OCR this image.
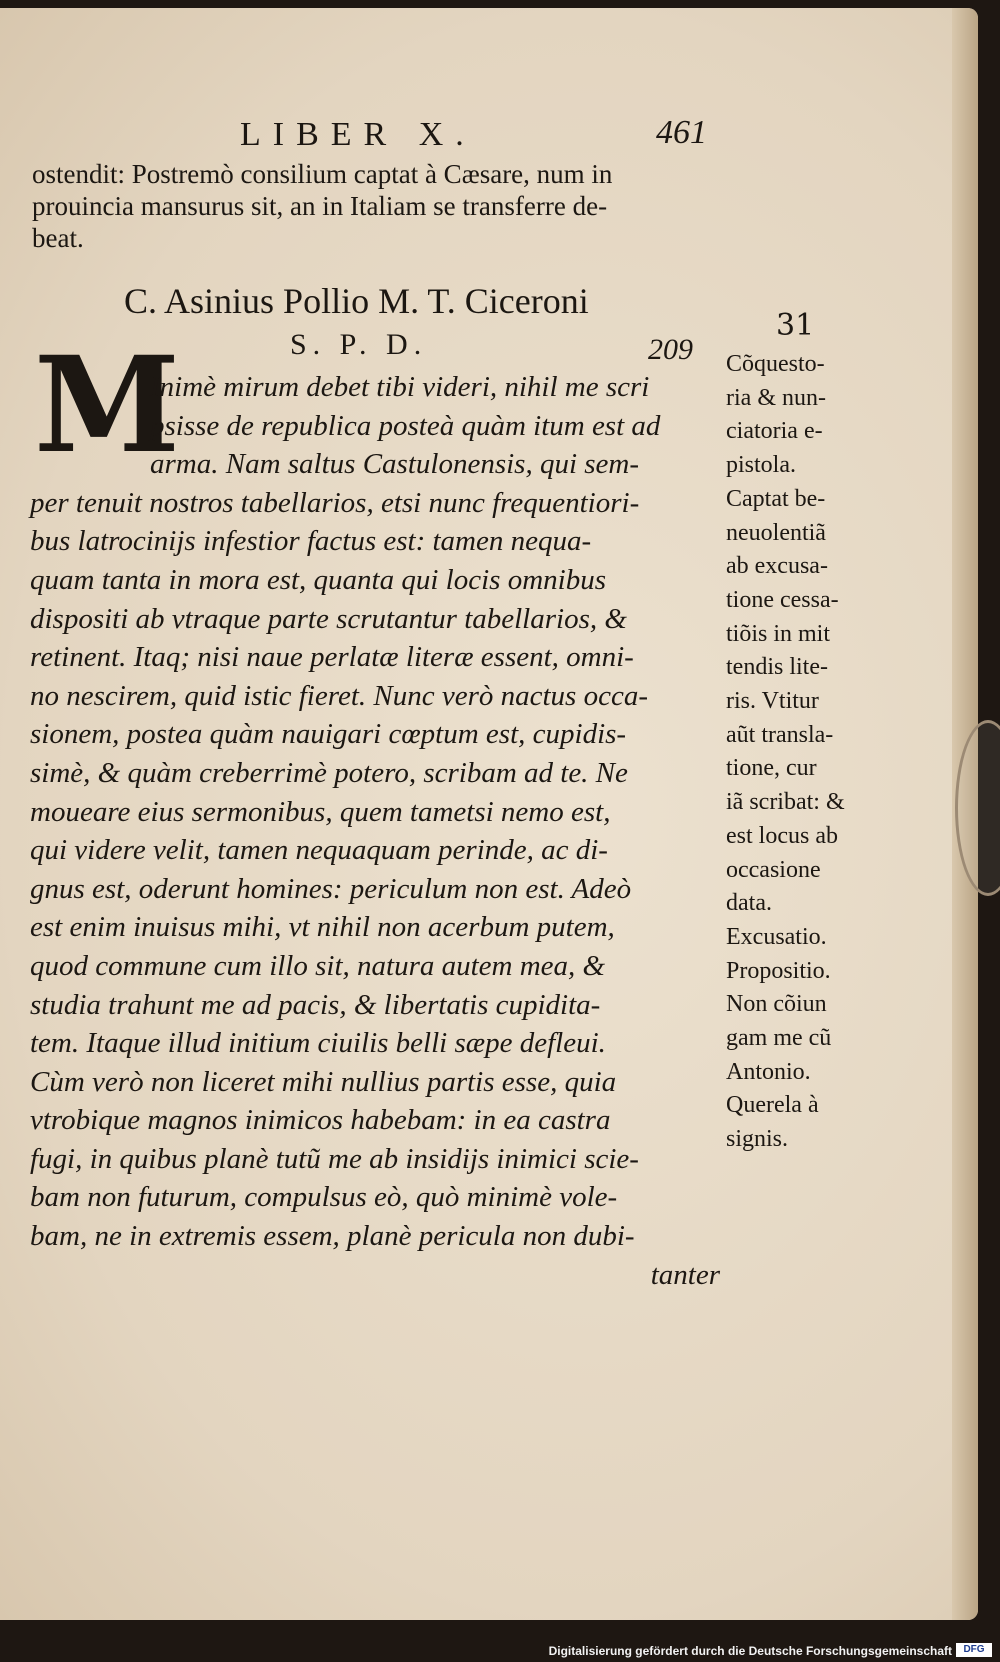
LIBER X.	461
ostendit: Postremò consilium captat à Cæsare, num in
prouincia mansurus sit, an in Italiam se transferre de-
beat.
C. Asinius Pollio M. T. Ciceroni
S. P. D.	209
31
M
Inimè mirum debet tibi videri, nihil me scri
psisse de republica posteà quàm itum est ad
arma. Nam saltus Castulonensis, qui sem-
per tenuit nostros tabellarios, etsi nunc frequentiori-
bus latrocinijs infestior factus est: tamen nequa-
quam tanta in mora est, quanta qui locis omnibus
dispositi ab vtraque parte scrutantur tabellarios, &
retinent. Itaq; nisi naue perlatæ literæ essent, omni-
no nescirem, quid istic fieret. Nunc verò nactus occa-
sionem, postea quàm nauigari cœptum est, cupidis-
simè, & quàm creberrimè potero, scribam ad te. Ne
moueare eius sermonibus, quem tametsi nemo est,
qui videre velit, tamen nequaquam perinde, ac di-
gnus est, oderunt homines: periculum non est. Adeò
est enim inuisus mihi, vt nihil non acerbum putem,
quod commune cum illo sit, natura autem mea, &
studia trahunt me ad pacis, & libertatis cupidita-
tem. Itaque illud initium ciuilis belli sæpe defleui.
Cùm verò non liceret mihi nullius partis esse, quia
vtrobique magnos inimicos habebam: in ea castra
fugi, in quibus planè tutũ me ab insidijs inimici scie-
bam non futurum, compulsus eò, quò minimè vole-
bam, ne in extremis essem, planè pericula non dubi-
tanter
Cõquesto-
ria & nun-
ciatoria e-
pistola.
Captat be-
neuolentiã
ab excusa-
tione cessa-
tiõis in mit
tendis lite-
ris. Vtitur
aũt transla-
tione, cur
iã scribat: &
est locus ab
occasione
data.
Excusatio.
Propositio.
Non cõiun
gam me cũ
Antonio.
Querela à
signis.
Digitalisierung gefördert durch die Deutsche Forschungsgemeinschaft	DFG
